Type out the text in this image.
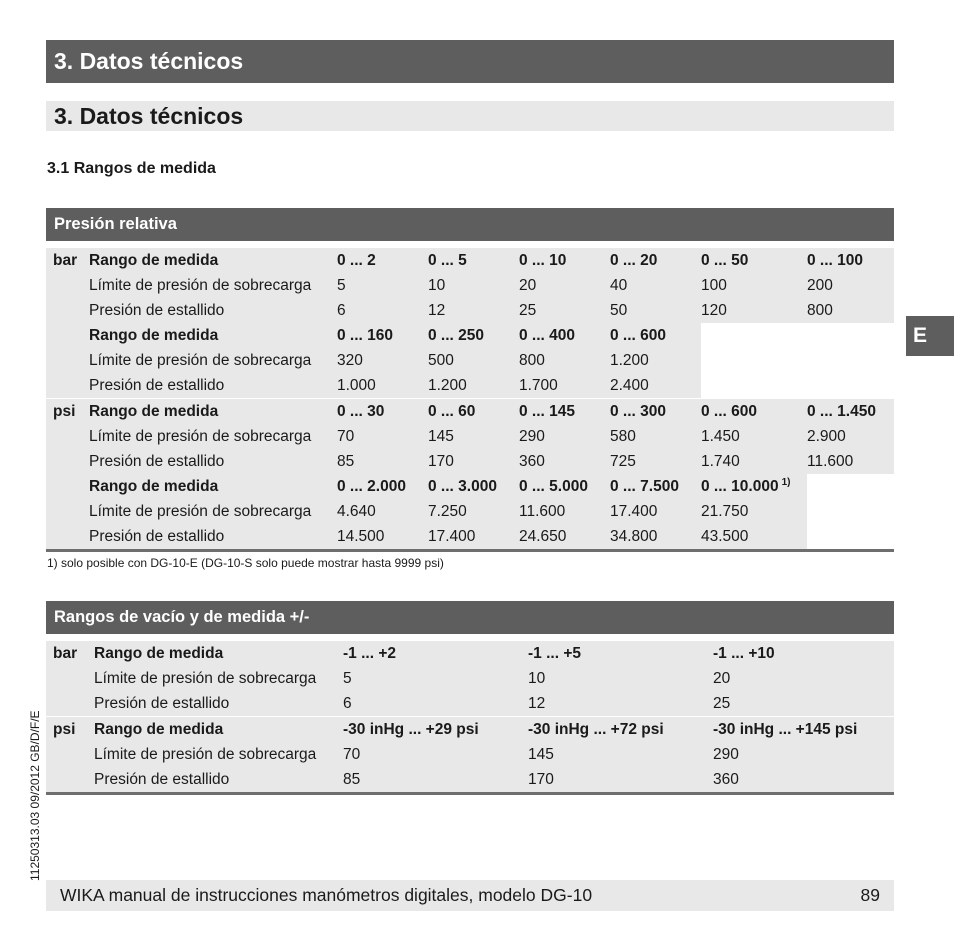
3. Datos técnicos
3. Datos técnicos
3.1 Rangos de medida
Presión relativa
bar	Rango de medida	0 ... 2	0 ... 5	0 ... 10	0 ... 20	0 ... 50	0 ... 100
	Límite de presión de sobrecarga	5	10	20	40	100	200
	Presión de estallido	6	12	25	50	120	800
	Rango de medida	0 ... 160	0 ... 250	0 ... 400	0 ... 600		
	Límite de presión de sobrecarga	320	500	800	1.200		
	Presión de estallido	1.000	1.200	1.700	2.400		
psi	Rango de medida	0 ... 30	0 ... 60	0 ... 145	0 ... 300	0 ... 600	0 ... 1.450
	Límite de presión de sobrecarga	70	145	290	580	1.450	2.900
	Presión de estallido	85	170	360	725	1.740	11.600
	Rango de medida	0 ... 2.000	0 ... 3.000	0 ... 5.000	0 ... 7.500	0 ... 10.000 $^{1)}$	
	Límite de presión de sobrecarga	4.640	7.250	11.600	17.400	21.750	
	Presión de estallido	14.500	17.400	24.650	34.800	43.500	
1) solo posible con DG-10-E (DG-10-S solo puede mostrar hasta 9999 psi)
Rangos de vacío y de medida +/-
bar	Rango de medida	-1 ... +2	-1 ... +5	-1 ... +10
	Límite de presión de sobrecarga	5	10	20
	Presión de estallido	6	12	25
psi	Rango de medida	-30 inHg ... +29 psi	-30 inHg ... +72 psi	-30 inHg ... +145 psi
	Límite de presión de sobrecarga	70	145	290
	Presión de estallido	85	170	360
E
11250313.03 09/2012 GB/D/F/E
WIKA manual de instrucciones manómetros digitales, modelo DG-10	89
